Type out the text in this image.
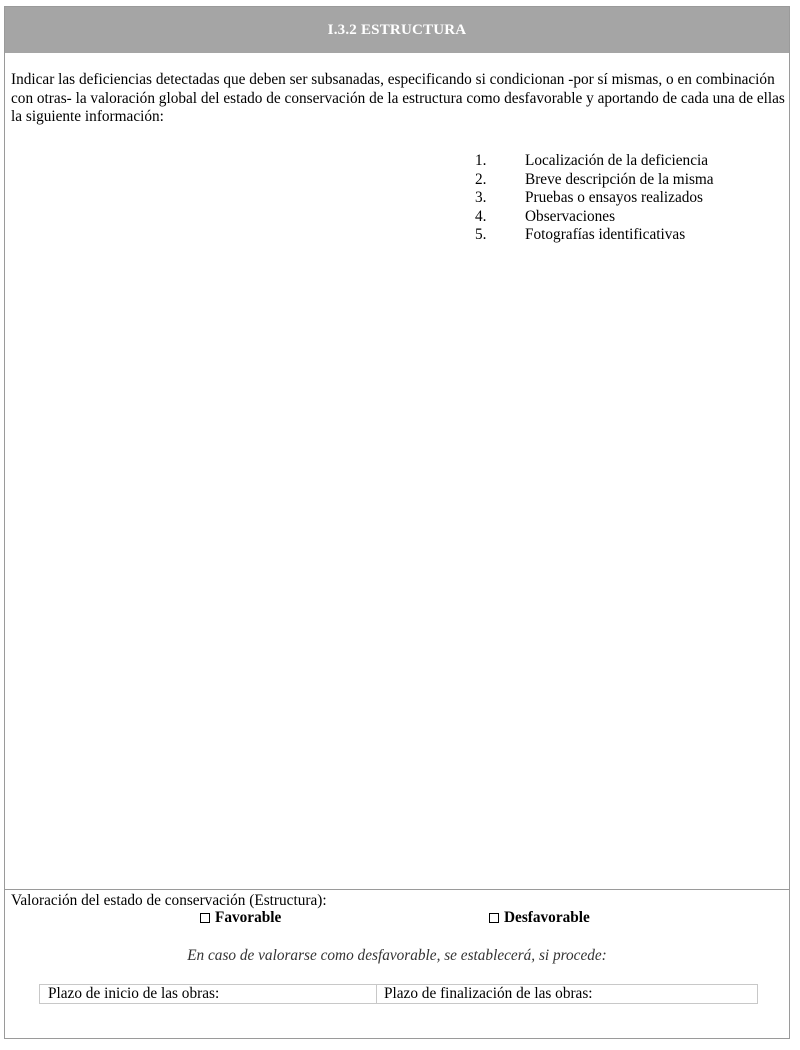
I.3.2 ESTRUCTURA
Indicar las deficiencias detectadas que deben ser subsanadas, especificando si condicionan -por sí mismas, o en combinación con otras- la valoración global del estado de conservación de la estructura como desfavorable y aportando de cada una de ellas la siguiente información:
1.	Localización de la deficiencia
2.	Breve descripción de la misma
3.	Pruebas o ensayos realizados
4.	Observaciones
5.	Fotografías identificativas
Valoración del estado de conservación (Estructura):
Favorable	Desfavorable
En caso de valorarse como desfavorable, se establecerá, si procede:
Plazo de inicio de las obras:	Plazo de finalización de las obras:
